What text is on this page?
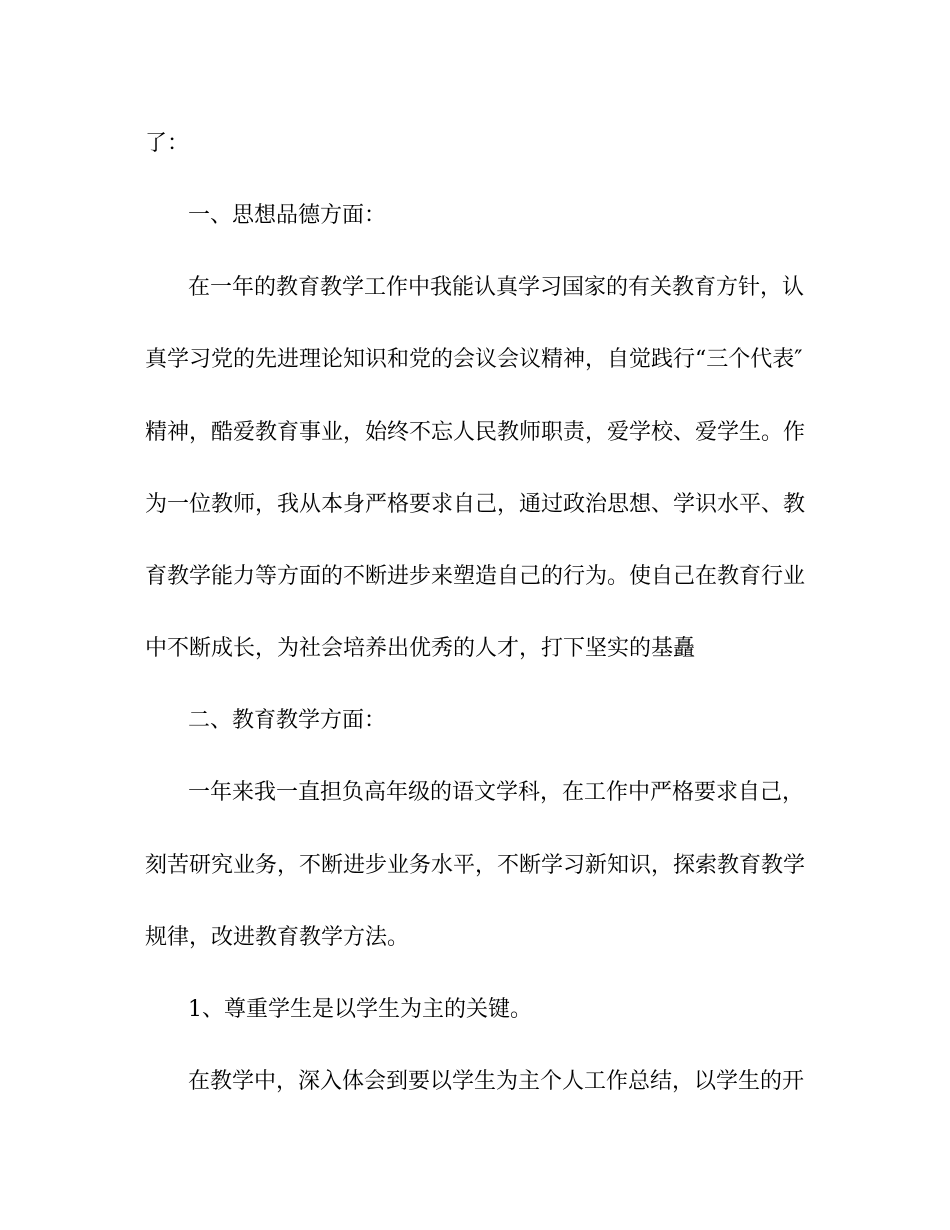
了：
一、思想品德方面：
在一年的教育教学工作中我能认真学习国家的有关教育方针，认
真学习党的先进理论知识和党的会议会议精神，自觉践行“三个代表″
精神，酷爱教育事业，始终不忘人民教师职责，爱学校、爱学生。作
为一位教师，我从本身严格要求自己，通过政治思想、学识水平、教
育教学能力等方面的不断进步来塑造自己的行为。使自己在教育行业
中不断成长，为社会培养出优秀的人才，打下坚实的基矗
二、教育教学方面：
一年来我一直担负高年级的语文学科，在工作中严格要求自己，
刻苦研究业务，不断进步业务水平，不断学习新知识，探索教育教学
规律，改进教育教学方法。
1、尊重学生是以学生为主的关键。
在教学中，深入体会到要以学生为主个人工作总结，以学生的开
